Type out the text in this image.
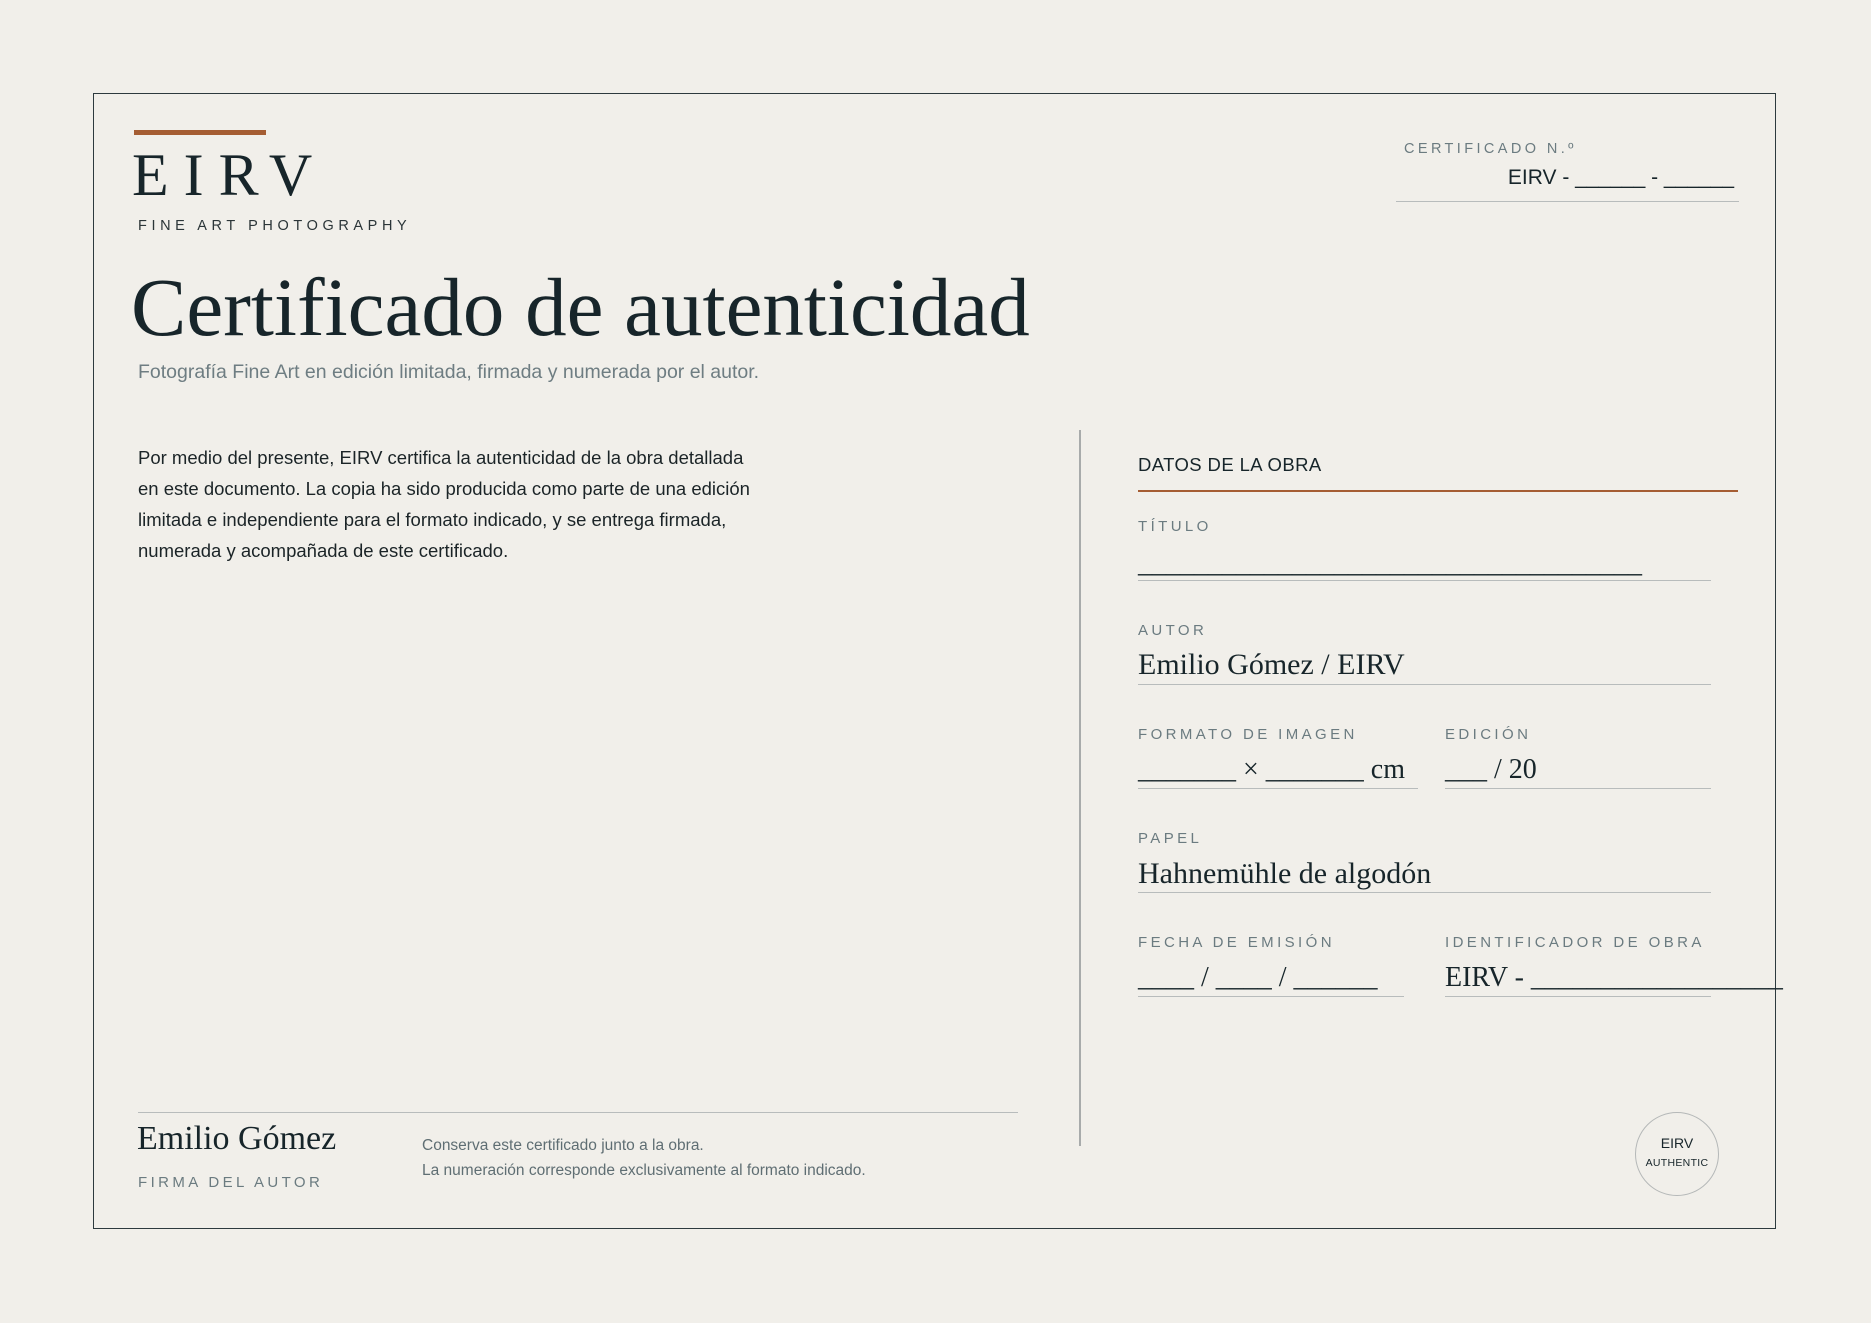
EIRV
FINE ART PHOTOGRAPHY
CERTIFICADO N.º
EIRV - ______ - ______
Certificado de autenticidad
Fotografía Fine Art en edición limitada, firmada y numerada por el autor.
Por medio del presente, EIRV certifica la autenticidad de la obra detallada
en este documento. La copia ha sido producida como parte de una edición
limitada e independiente para el formato indicado, y se entrega firmada,
numerada y acompañada de este certificado.
DATOS DE LA OBRA
TÍTULO
____________________________________
AUTOR
Emilio Gómez / EIRV
FORMATO DE IMAGEN
_______ × _______ cm
EDICIÓN
___ / 20
PAPEL
Hahnemühle de algodón
FECHA DE EMISIÓN
____ / ____ / ______
IDENTIFICADOR DE OBRA
EIRV - __________________
Emilio Gómez
FIRMA DEL AUTOR
Conserva este certificado junto a la obra.
La numeración corresponde exclusivamente al formato indicado.
EIRV
AUTHENTIC
